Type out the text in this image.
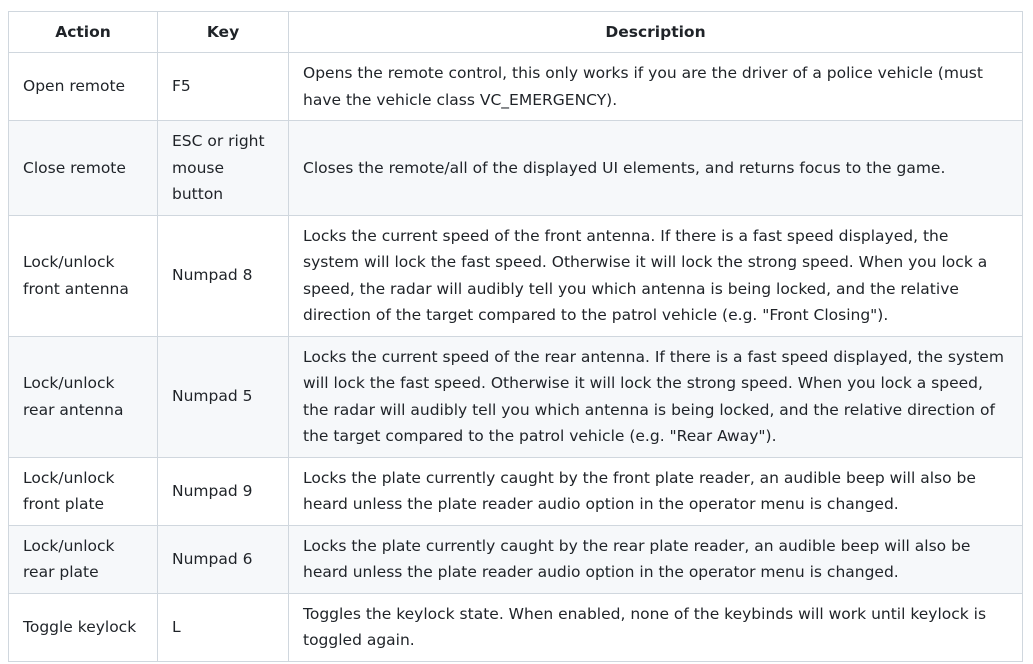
Action	Key	Description
Open remote	F5	Opens the remote control, this only works if you are the driver of a police vehicle (must have the vehicle class VC_EMERGENCY).
Close remote	ESC or right mouse button	Closes the remote/all of the displayed UI elements, and returns focus to the game.
Lock/unlock front antenna	Numpad 8	Locks the current speed of the front antenna. If there is a fast speed displayed, the system will lock the fast speed. Otherwise it will lock the strong speed. When you lock a speed, the radar will audibly tell you which antenna is being locked, and the relative direction of the target compared to the patrol vehicle (e.g. "Front Closing").
Lock/unlock rear antenna	Numpad 5	Locks the current speed of the rear antenna. If there is a fast speed displayed, the system will lock the fast speed. Otherwise it will lock the strong speed. When you lock a speed, the radar will audibly tell you which antenna is being locked, and the relative direction of the target compared to the patrol vehicle (e.g. "Rear Away").
Lock/unlock front plate	Numpad 9	Locks the plate currently caught by the front plate reader, an audible beep will also be heard unless the plate reader audio option in the operator menu is changed.
Lock/unlock rear plate	Numpad 6	Locks the plate currently caught by the rear plate reader, an audible beep will also be heard unless the plate reader audio option in the operator menu is changed.
Toggle keylock	L	Toggles the keylock state. When enabled, none of the keybinds will work until keylock is toggled again.
